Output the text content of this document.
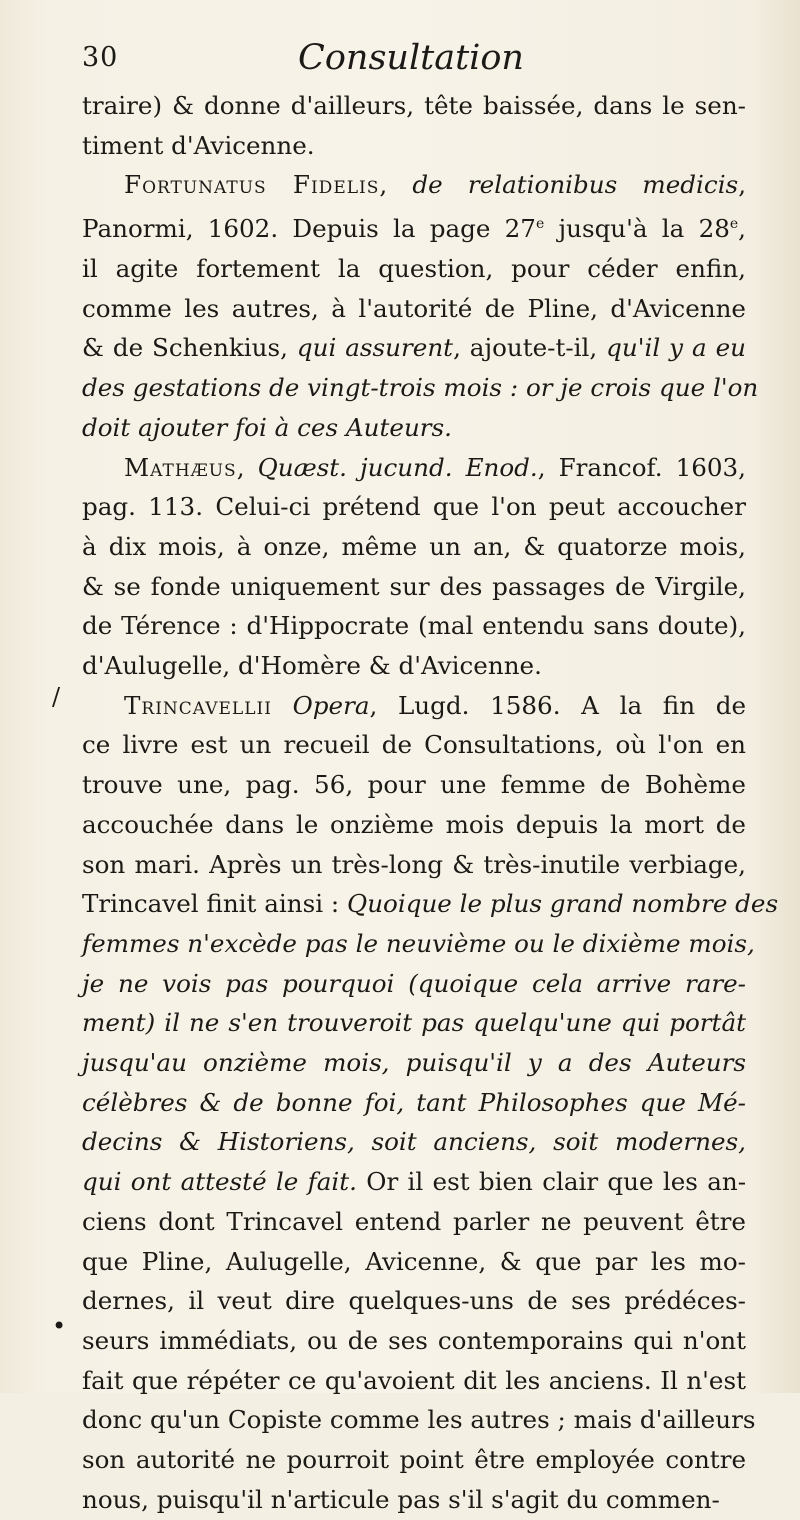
30	Consultation
/
•
traire) & donne d'ailleurs, tête baissée, dans le sen-
timent d'Avicenne.
Fortunatus Fidelis, de relationibus medicis,
Panormi, 1602. Depuis la page 27e jusqu'à la 28e,
il agite fortement la question, pour céder enfin,
comme les autres, à l'autorité de Pline, d'Avicenne
& de Schenkius, qui assurent, ajoute-t-il, qu'il y a eu
des gestations de vingt-trois mois : or je crois que l'on
doit ajouter foi à ces Auteurs.
Mathæus, Quæst. jucund. Enod., Francof. 1603,
pag. 113. Celui-ci prétend que l'on peut accoucher
à dix mois, à onze, même un an, & quatorze mois,
& se fonde uniquement sur des passages de Virgile,
de Térence : d'Hippocrate (mal entendu sans doute),
d'Aulugelle, d'Homère & d'Avicenne.
Trincavellii Opera, Lugd. 1586. A la fin de
ce livre est un recueil de Consultations, où l'on en
trouve une, pag. 56, pour une femme de Bohème
accouchée dans le onzième mois depuis la mort de
son mari. Après un très-long & très-inutile verbiage,
Trincavel finit ainsi : Quoique le plus grand nombre des
femmes n'excède pas le neuvième ou le dixième mois,
je ne vois pas pourquoi (quoique cela arrive rare-
ment) il ne s'en trouveroit pas quelqu'une qui portât
jusqu'au onzième mois, puisqu'il y a des Auteurs
célèbres & de bonne foi, tant Philosophes que Mé-
decins & Historiens, soit anciens, soit modernes,
qui ont attesté le fait. Or il est bien clair que les an-
ciens dont Trincavel entend parler ne peuvent être
que Pline, Aulugelle, Avicenne, & que par les mo-
dernes, il veut dire quelques-uns de ses prédéces-
seurs immédiats, ou de ses contemporains qui n'ont
fait que répéter ce qu'avoient dit les anciens. Il n'est
donc qu'un Copiste comme les autres ; mais d'ailleurs
son autorité ne pourroit point être employée contre
nous, puisqu'il n'articule pas s'il s'agit du commen-
